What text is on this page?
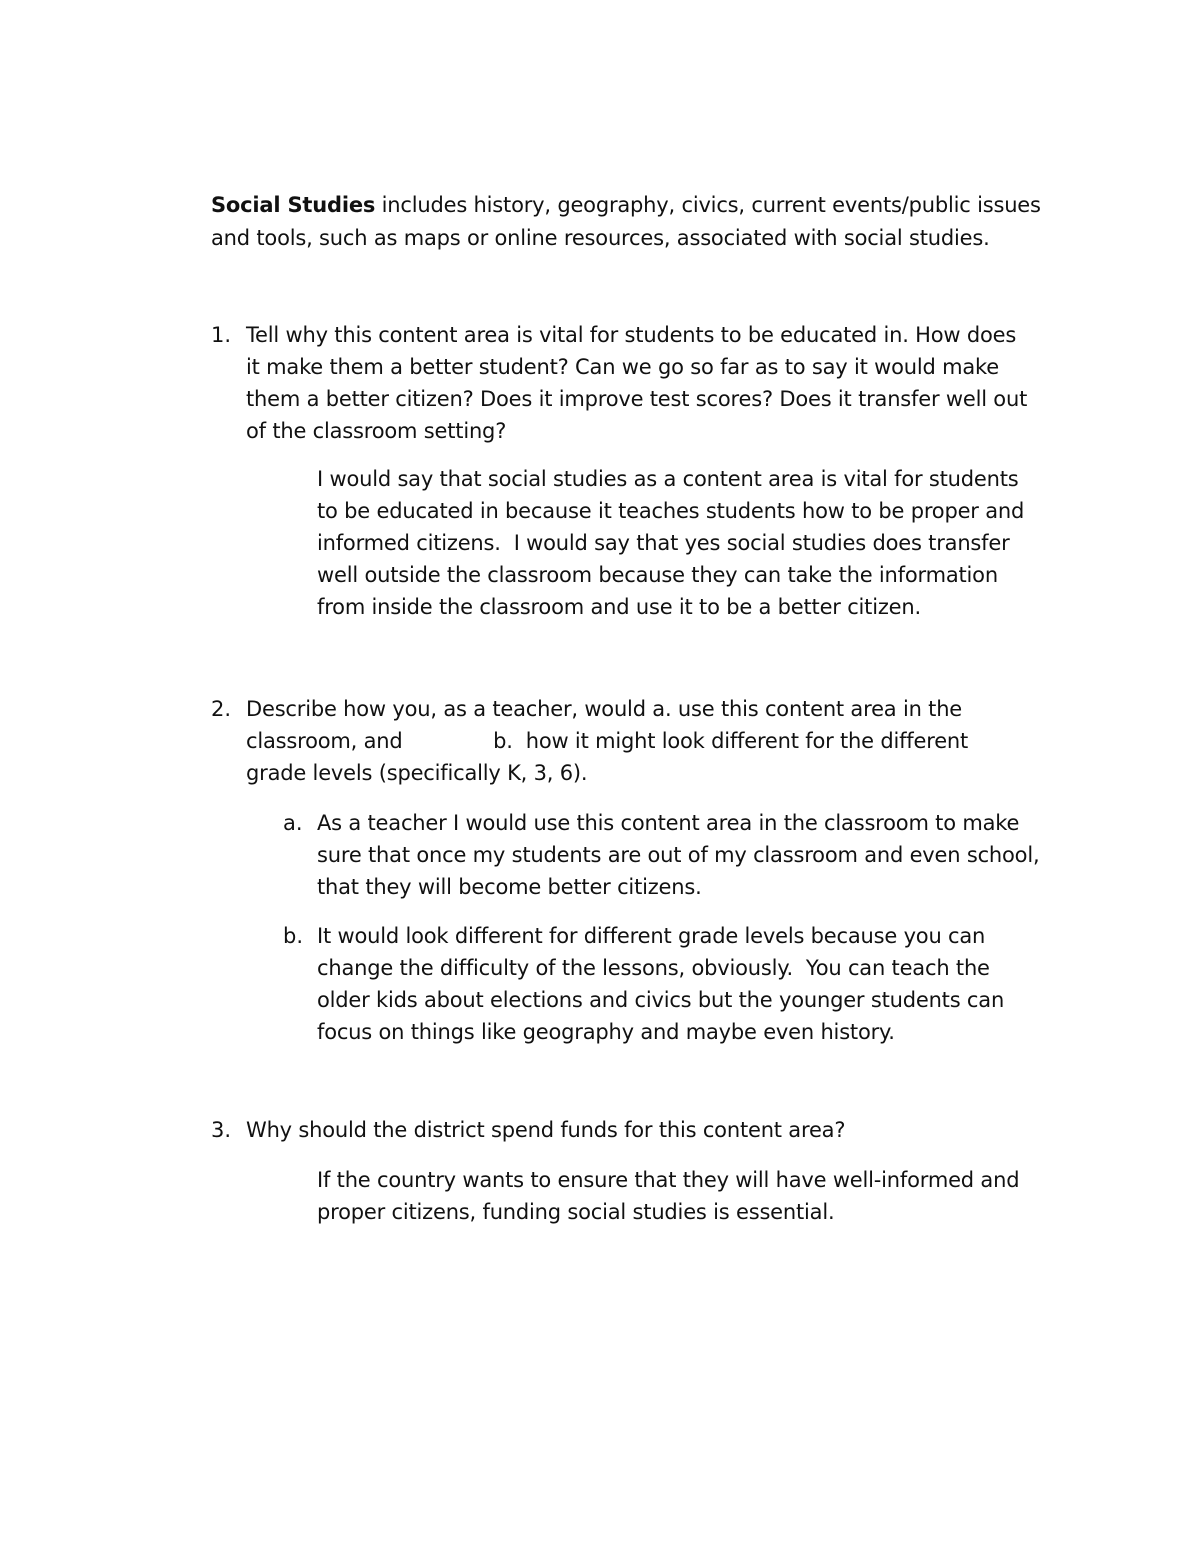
Social Studies includes history, geography, civics, current events/public issues
and tools, such as maps or online resources, associated with social studies.
1. Tell why this content area is vital for students to be educated in. How does
it make them a better student? Can we go so far as to say it would make
them a better citizen? Does it improve test scores? Does it transfer well out
of the classroom setting?
I would say that social studies as a content area is vital for students
to be educated in because it teaches students how to be proper and
informed citizens.  I would say that yes social studies does transfer
well outside the classroom because they can take the information
from inside the classroom and use it to be a better citizen.
2. Describe how you, as a teacher, would a. use this content area in the
classroom, and              b.  how it might look different for the different
grade levels (specifically K, 3, 6).
a. As a teacher I would use this content area in the classroom to make
sure that once my students are out of my classroom and even school,
that they will become better citizens.
b. It would look different for different grade levels because you can
change the difficulty of the lessons, obviously.  You can teach the
older kids about elections and civics but the younger students can
focus on things like geography and maybe even history.
3. Why should the district spend funds for this content area?
If the country wants to ensure that they will have well-informed and
proper citizens, funding social studies is essential.
